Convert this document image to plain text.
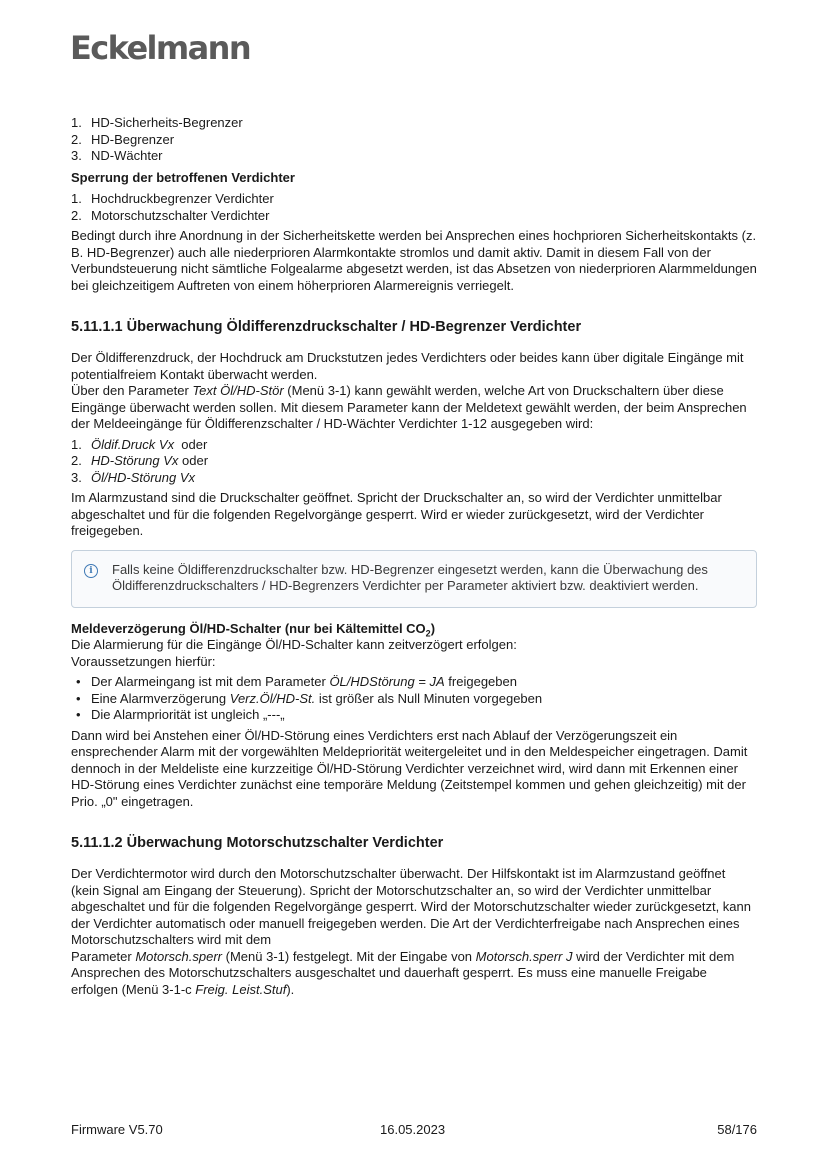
Eckelmann
1. HD-Sicherheits-Begrenzer
2. HD-Begrenzer
3. ND-Wächter

Sperrung der betroffenen Verdichter

1. Hochdruckbegrenzer Verdichter
2. Motorschutzschalter Verdichter

Bedingt durch ihre Anordnung in der Sicherheitskette werden bei Ansprechen eines hochprioren Sicherheitskontakts (z. B. HD-Begrenzer) auch alle niederprioren Alarmkontakte stromlos und damit aktiv. Damit in diesem Fall von der Verbundsteuerung nicht sämtliche Folgealarme abgesetzt werden, ist das Absetzen von niederprioren Alarmmeldungen bei gleichzeitigem Auftreten von einem höherprioren Alarmereignis verriegelt.

5.11.1.1 Überwachung Öldifferenzdruckschalter / HD-Begrenzer Verdichter

Der Öldifferenzdruck, der Hochdruck am Druckstutzen jedes Verdichters oder beides kann über digitale Eingänge mit potentialfreiem Kontakt überwacht werden.

Über den Parameter Text Öl/HD-Stör (Menü 3-1) kann gewählt werden, welche Art von Druckschaltern über diese Eingänge überwacht werden sollen. Mit diesem Parameter kann der Meldetext gewählt werden, der beim Ansprechen der Meldeeingänge für Öldifferenzschalter / HD-Wächter Verdichter 1-12 ausgegeben wird:

1. Öldif.Druck Vx  oder
2. HD-Störung Vx oder
3. Öl/HD-Störung Vx

Im Alarmzustand sind die Druckschalter geöffnet. Spricht der Druckschalter an, so wird der Verdichter unmittelbar abgeschaltet und für die folgenden Regelvorgänge gesperrt. Wird er wieder zurückgesetzt, wird der Verdichter freigegeben.

i	Falls keine Öldifferenzdruckschalter bzw. HD-Begrenzer eingesetzt werden, kann die Überwachung des Öldifferenzdruckschalters / HD-Begrenzers Verdichter per Parameter aktiviert bzw. deaktiviert werden.

Meldeverzögerung Öl/HD-Schalter (nur bei Kältemittel $CO_2$)

Die Alarmierung für die Eingänge Öl/HD-Schalter kann zeitverzögert erfolgen:

Voraussetzungen hierfür:

• Der Alarmeingang ist mit dem Parameter ÖL/HDStörung = JA freigegeben
• Eine Alarmverzögerung Verz.Öl/HD-St. ist größer als Null Minuten vorgegeben
• Die Alarmpriorität ist ungleich „---„

Dann wird bei Anstehen einer Öl/HD-Störung eines Verdichters erst nach Ablauf der Verzögerungszeit ein ensprechender Alarm mit der vorgewählten Meldepriorität weitergeleitet und in den Meldespeicher eingetragen. Damit dennoch in der Meldeliste eine kurzzeitige Öl/HD-Störung Verdichter verzeichnet wird, wird dann mit Erkennen einer HD-Störung eines Verdichter zunächst eine temporäre Meldung (Zeitstempel kommen und gehen gleichzeitig) mit der Prio. „0" eingetragen.

5.11.1.2 Überwachung Motorschutzschalter Verdichter

Der Verdichtermotor wird durch den Motorschutzschalter überwacht. Der Hilfskontakt ist im Alarmzustand geöffnet (kein Signal am Eingang der Steuerung). Spricht der Motorschutzschalter an, so wird der Verdichter unmittelbar abgeschaltet und für die folgenden Regelvorgänge gesperrt. Wird der Motorschutzschalter wieder zurückgesetzt, kann der Verdichter automatisch oder manuell freigegeben werden. Die Art der Verdichterfreigabe nach Ansprechen eines Motorschutzschalters wird mit dem

Parameter Motorsch.sperr (Menü 3-1) festgelegt. Mit der Eingabe von Motorsch.sperr J wird der Verdichter mit dem Ansprechen des Motorschutzschalters ausgeschaltet und dauerhaft gesperrt. Es muss eine manuelle Freigabe erfolgen (Menü 3-1-c Freig. Leist.Stuf).

Firmware V5.70	16.05.2023	58/176
